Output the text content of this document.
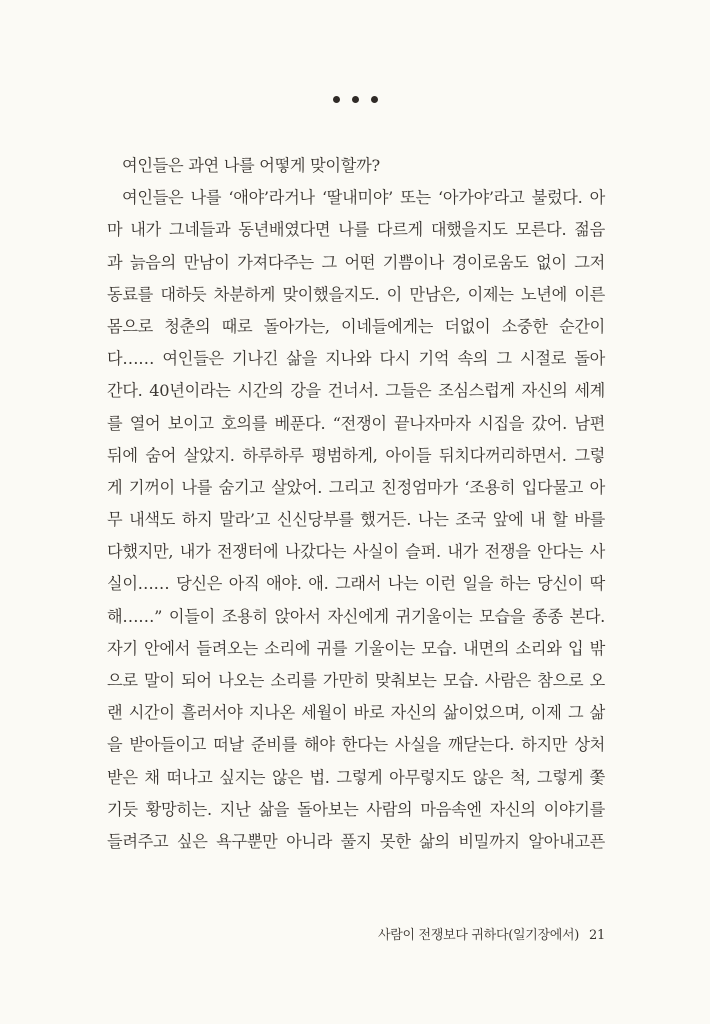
여인들은 과연 나를 어떻게 맞이할까?
여인들은 나를 ‘애야’라거나 ‘딸내미야’ 또는 ‘아가야’라고 불렀다. 아
마 내가 그네들과 동년배였다면 나를 다르게 대했을지도 모른다. 젊음
과 늙음의 만남이 가져다주는 그 어떤 기쁨이나 경이로움도 없이 그저
동료를 대하듯 차분하게 맞이했을지도. 이 만남은, 이제는 노년에 이른
몸으로 청춘의 때로 돌아가는, 이네들에게는 더없이 소중한 순간이
다…… 여인들은 기나긴 삶을 지나와 다시 기억 속의 그 시절로 돌아
간다. 40년이라는 시간의 강을 건너서. 그들은 조심스럽게 자신의 세계
를 열어 보이고 호의를 베푼다. “전쟁이 끝나자마자 시집을 갔어. 남편
뒤에 숨어 살았지. 하루하루 평범하게, 아이들 뒤치다꺼리하면서. 그렇
게 기꺼이 나를 숨기고 살았어. 그리고 친정엄마가 ‘조용히 입다물고 아
무 내색도 하지 말라’고 신신당부를 했거든. 나는 조국 앞에 내 할 바를
다했지만, 내가 전쟁터에 나갔다는 사실이 슬퍼. 내가 전쟁을 안다는 사
실이…… 당신은 아직 애야. 애. 그래서 나는 이런 일을 하는 당신이 딱
해……” 이들이 조용히 앉아서 자신에게 귀기울이는 모습을 종종 본다.
자기 안에서 들려오는 소리에 귀를 기울이는 모습. 내면의 소리와 입 밖
으로 말이 되어 나오는 소리를 가만히 맞춰보는 모습. 사람은 참으로 오
랜 시간이 흘러서야 지나온 세월이 바로 자신의 삶이었으며, 이제 그 삶
을 받아들이고 떠날 준비를 해야 한다는 사실을 깨닫는다. 하지만 상처
받은 채 떠나고 싶지는 않은 법. 그렇게 아무렇지도 않은 척, 그렇게 쫓
기듯 황망히는. 지난 삶을 돌아보는 사람의 마음속엔 자신의 이야기를
들려주고 싶은 욕구뿐만 아니라 풀지 못한 삶의 비밀까지 알아내고픈
사람이 전쟁보다 귀하다(일기장에서) 21
